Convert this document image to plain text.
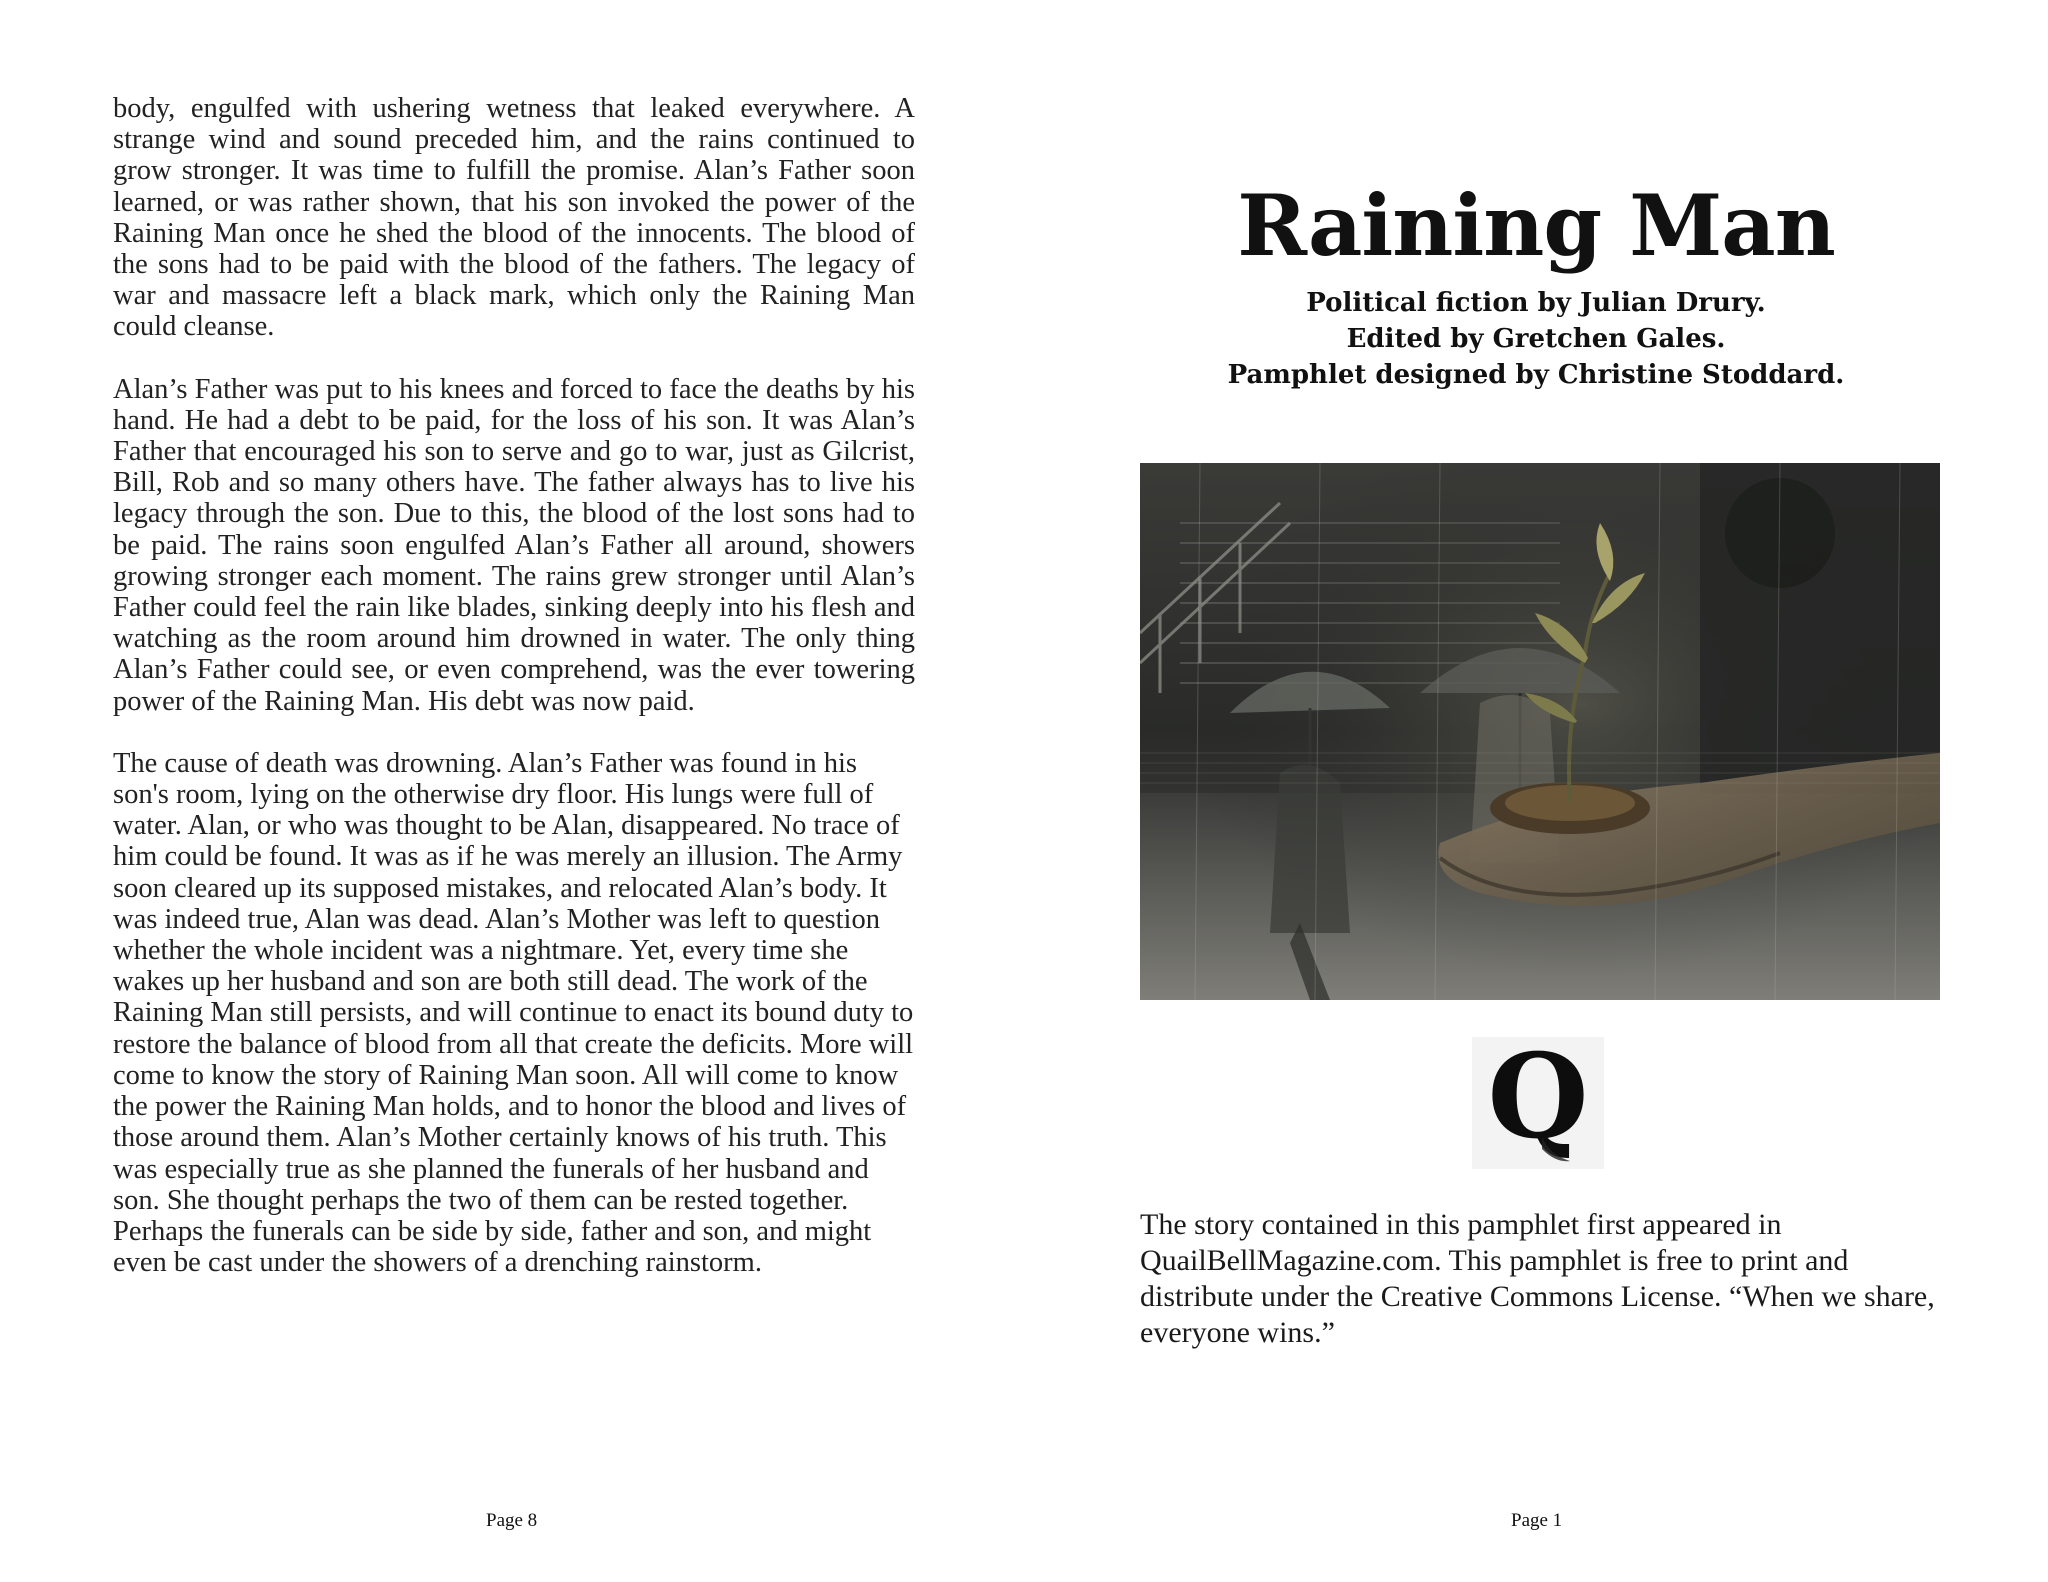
body, engulfed with ushering wetness that leaked everywhere. A strange wind and sound preceded him, and the rains continued to grow stronger. It was time to fulfill the promise. Alan’s Father soon learned, or was rather shown, that his son invoked the power of the Raining Man once he shed the blood of the innocents. The blood of the sons had to be paid with the blood of the fathers. The legacy of war and massacre left a black mark, which only the Raining Man could cleanse.

Alan’s Father was put to his knees and forced to face the deaths by his hand. He had a debt to be paid, for the loss of his son. It was Alan’s Father that encouraged his son to serve and go to war, just as Gilcrist, Bill, Rob and so many others have. The father always has to live his legacy through the son. Due to this, the blood of the lost sons had to be paid. The rains soon engulfed Alan’s Father all around, showers growing stronger each moment. The rains grew stronger until Alan’s Father could feel the rain like blades, sinking deeply into his flesh and watching as the room around him drowned in water. The only thing Alan’s Father could see, or even comprehend, was the ever towering power of the Raining Man. His debt was now paid.

The cause of death was drowning. Alan’s Father was found in his son's room, lying on the otherwise dry floor. His lungs were full of water. Alan, or who was thought to be Alan, disappeared. No trace of him could be found. It was as if he was merely an illusion. The Army soon cleared up its supposed mistakes, and relocated Alan’s body. It was indeed true, Alan was dead. Alan’s Mother was left to question whether the whole incident was a nightmare. Yet, every time she wakes up her husband and son are both still dead. The work of the Raining Man still persists, and will continue to enact its bound duty to restore the balance of blood from all that create the deficits. More will come to know the story of Raining Man soon. All will come to know the power the Raining Man holds, and to honor the blood and lives of those around them. Alan’s Mother certainly knows of his truth. This was especially true as she planned the funerals of her husband and son. She thought perhaps the two of them can be rested together. Perhaps the funerals can be side by side, father and son, and might even be cast under the showers of a drenching rainstorm.

Page 8
Raining Man
Political fiction by Julian Drury.
Edited by Gretchen Gales.
Pamphlet designed by Christine Stoddard.
Q
The story contained in this pamphlet first appeared in QuailBellMagazine.com. This pamphlet is free to print and distribute under the Creative Commons License. “When we share, everyone wins.”
Page 1
